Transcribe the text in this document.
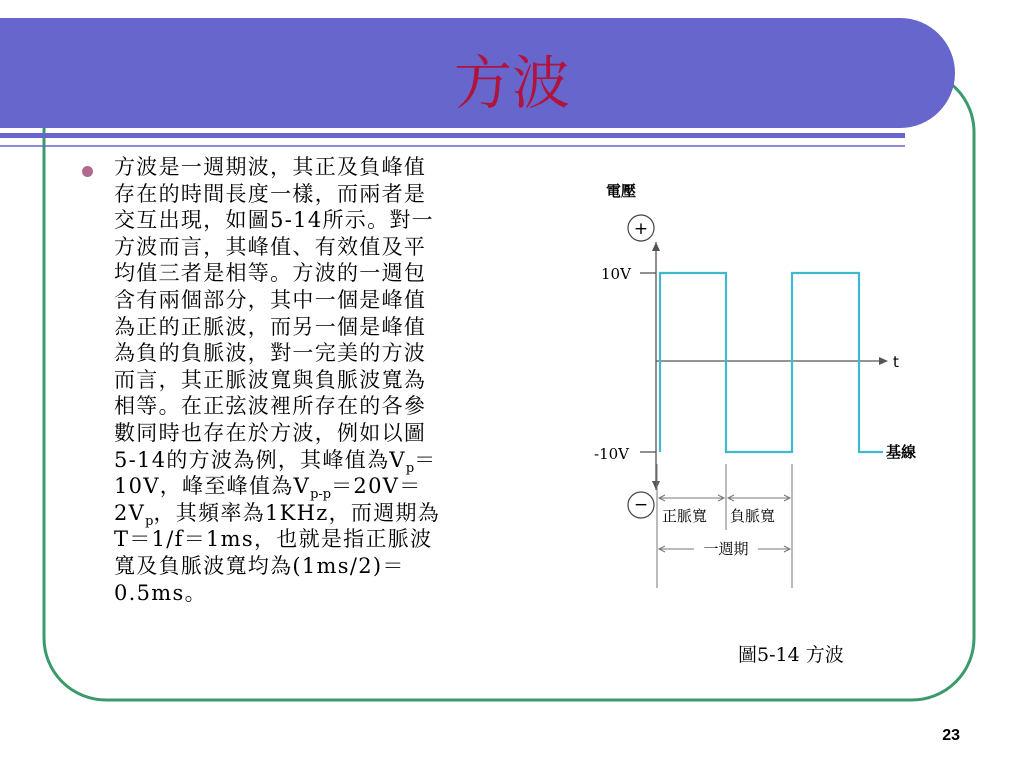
電壓
+
−
t
10V
-10V	基線
正脈寬 負脈寬
一週期
方波
方波是一週期波，其正及負峰值
存在的時間長度一樣，而兩者是
交互出現，如圖5-14所示。對一
方波而言，其峰值、有效值及平
均值三者是相等。方波的一週包
含有兩個部分，其中一個是峰值
為正的正脈波，而另一個是峰值
為負的負脈波，對一完美的方波
而言，其正脈波寬與負脈波寬為
相等。在正弦波裡所存在的各參
數同時也存在於方波，例如以圖
5-14的方波為例，其峰值為$V_p=$
10V，峰至峰值為$V_{p-p}=20V=$
$2V_p$，其頻率為1KHz，而週期為
T＝1/f＝1ms，也就是指正脈波
寬及負脈波寬均為(1ms/2)＝
0.5ms。
圖5-14 方波
23
